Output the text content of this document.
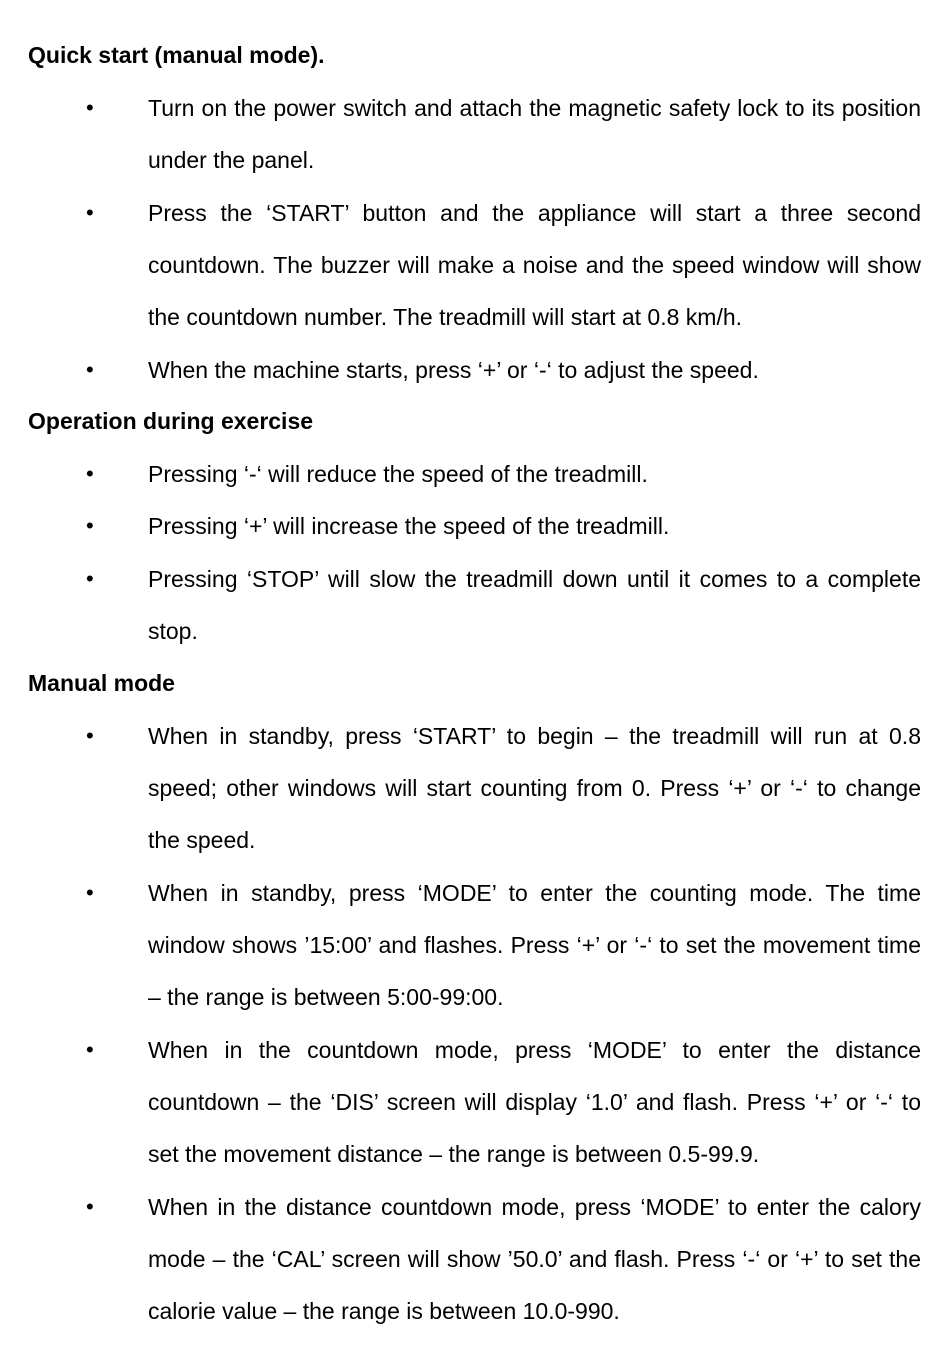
Quick start (manual mode).
•	Turn on the power switch and attach the magnetic safety lock to its position under the panel.
•	Press the ‘START’ button and the appliance will start a three second countdown. The buzzer will make a noise and the speed window will show the countdown number. The treadmill will start at 0.8 km/h.
•	When the machine starts, press ‘+’ or ‘-‘ to adjust the speed.
Operation during exercise
•	Pressing ‘-‘ will reduce the speed of the treadmill.
•	Pressing ‘+’ will increase the speed of the treadmill.
•	Pressing ‘STOP’ will slow the treadmill down until it comes to a complete stop.
Manual mode
•	When in standby, press ‘START’ to begin – the treadmill will run at 0.8 speed; other windows will start counting from 0. Press ‘+’ or ‘-‘ to change the speed.
•	When in standby, press ‘MODE’ to enter the counting mode. The time window shows ’15:00’ and flashes. Press ‘+’ or ‘-‘ to set the movement time – the range is between 5:00-99:00.
•	When in the countdown mode, press ‘MODE’ to enter the distance countdown – the ‘DIS’ screen will display ‘1.0’ and flash. Press ‘+’ or ‘-‘ to set the movement distance – the range is between 0.5-99.9.
•	When in the distance countdown mode, press ‘MODE’ to enter the calory mode – the ‘CAL’ screen will show ’50.0’ and flash. Press ‘-‘ or ‘+’ to set the calorie value – the range is between 10.0-990.
